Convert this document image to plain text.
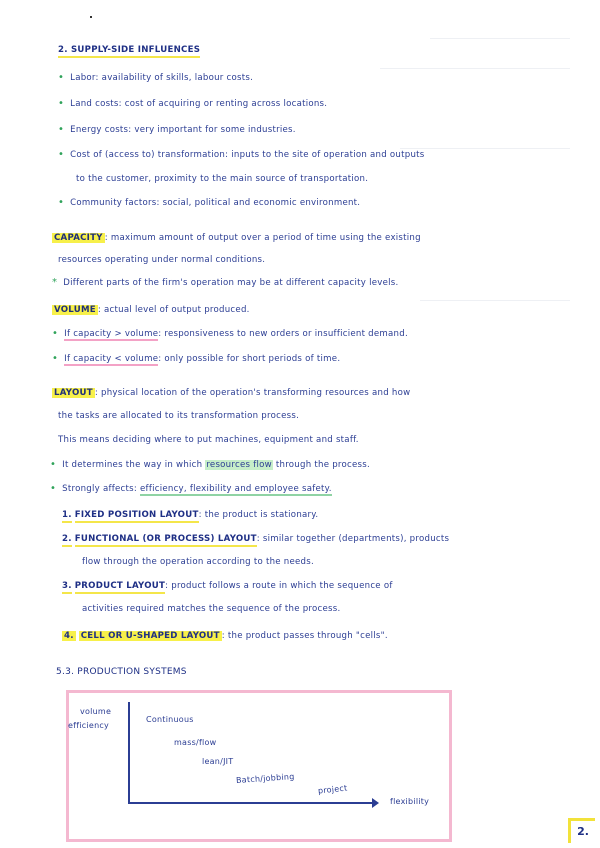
2. SUPPLY-SIDE INFLUENCES
• Labor: availability of skills, labour costs.
• Land costs: cost of acquiring or renting across locations.
• Energy costs: very important for some industries.
• Cost of (access to) transformation: inputs to the site of operation and outputs
to the customer, proximity to the main source of transportation.
• Community factors: social, political and economic environment.
CAPACITY : maximum amount of output over a period of time using the existing
resources operating under normal conditions.
* Different parts of the firm's operation may be at different capacity levels.
VOLUME : actual level of output produced.
• If capacity > volume: responsiveness to new orders or insufficient demand.
• If capacity < volume: only possible for short periods of time.
LAYOUT : physical location of the operation's transforming resources and how
the tasks are allocated to its transformation process.
This means deciding where to put machines, equipment and staff.
• It determines the way in which resources flow through the process.
• Strongly affects: efficiency, flexibility and employee safety.
1. FIXED POSITION LAYOUT: the product is stationary.
2. FUNCTIONAL (OR PROCESS) LAYOUT: similar together (departments), products
flow through the operation according to the needs.
3. PRODUCT LAYOUT: product follows a route in which the sequence of
activities required matches the sequence of the process.
4. CELL OR U-SHAPED LAYOUT : the product passes through "cells".
5.3. PRODUCTION SYSTEMS
volume
efficiency
flexibility
Continuous
mass/flow
lean/JIT
Batch/jobbing
project
2.
